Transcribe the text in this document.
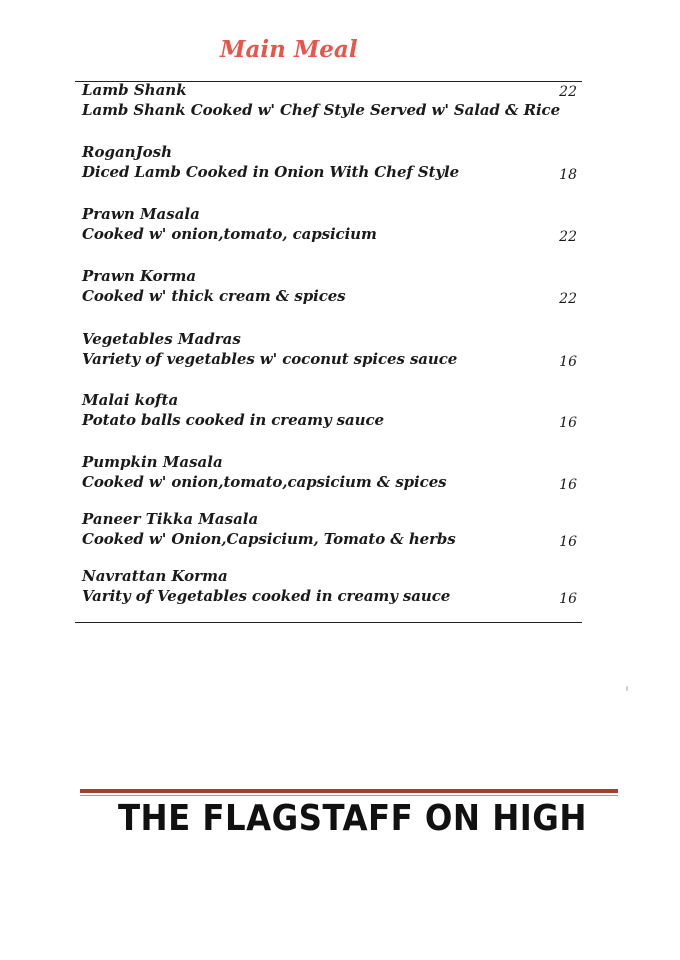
Main Meal
Lamb Shank
Lamb Shank Cooked w' Chef Style Served w' Salad & Rice
22
RoganJosh
Diced Lamb Cooked in Onion With Chef Style	18
Prawn Masala
Cooked w' onion,tomato, capsicium	22
Prawn Korma
Cooked w' thick cream & spices	22
Vegetables Madras
Variety of vegetables w' coconut spices sauce	16
Malai kofta
Potato balls cooked in creamy sauce	16
Pumpkin Masala
Cooked w' onion,tomato,capsicium & spices	16
Paneer Tikka Masala
Cooked w' Onion,Capsicium, Tomato & herbs	16
Navrattan Korma
Varity of Vegetables cooked in creamy sauce	16
THE FLAGSTAFF ON HIGH
